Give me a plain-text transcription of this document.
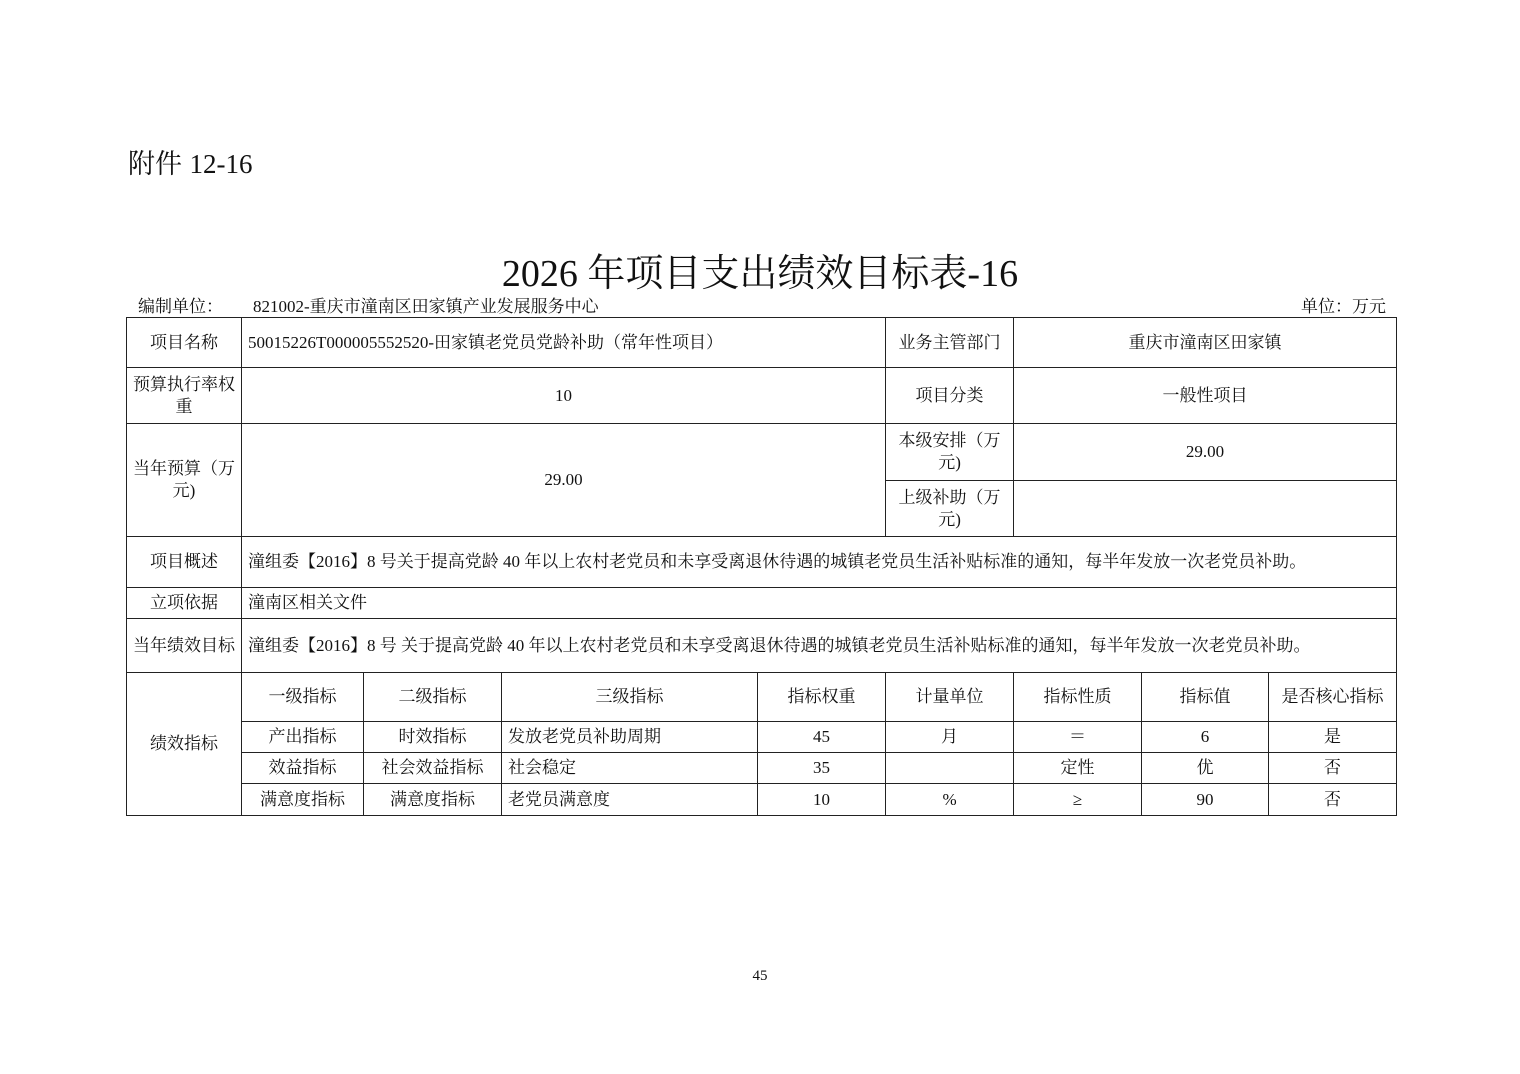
附件 12-16
2026 年项目支出绩效目标表-16
编制单位： 821002-重庆市潼南区田家镇产业发展服务中心	单位：万元
项目名称	50015226T000005552520-田家镇老党员党龄补助（常年性项目）				业务主管部门	重庆市潼南区田家镇		
预算执行率权重	10				项目分类	一般性项目		
当年预算（万元)	29.00				本级安排（万元)	29.00		
					上级补助（万元)			
项目概述	潼组委【2016】8 号关于提高党龄 40 年以上农村老党员和未享受离退休待遇的城镇老党员生活补贴标准的通知，每半年发放一次老党员补助。							
立项依据	潼南区相关文件							
当年绩效目标	潼组委【2016】8 号 关于提高党龄 40 年以上农村老党员和未享受离退休待遇的城镇老党员生活补贴标准的通知，每半年发放一次老党员补助。							
绩效指标	一级指标	二级指标	三级指标	指标权重	计量单位	指标性质	指标值	是否核心指标
	产出指标	时效指标	发放老党员补助周期	45	月	＝	6	是
	效益指标	社会效益指标	社会稳定	35		定性	优	否
	满意度指标	满意度指标	老党员满意度	10	%	≥	90	否
45
